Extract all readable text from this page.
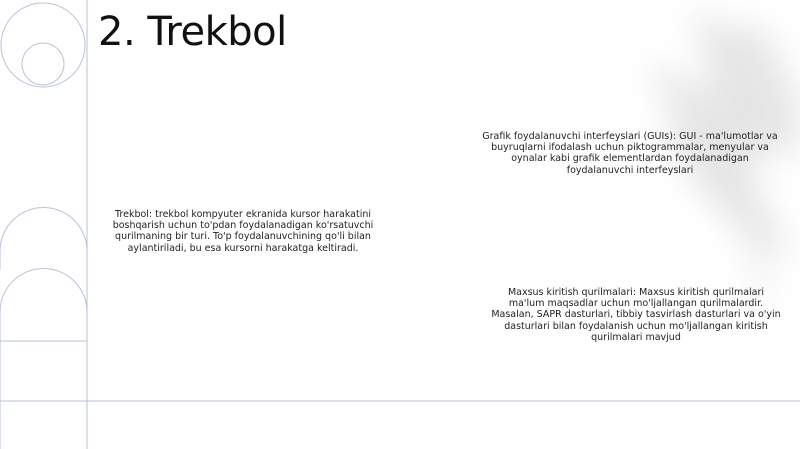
2. Trekbol

Trekbol: trekbol kompyuter ekranida kursor harakatini boshqarish uchun to'pdan foydalanadigan ko'rsatuvchi qurilmaning bir turi. To'p foydalanuvchining qo'li bilan aylantiriladi, bu esa kursorni harakatga keltiradi.

Grafik foydalanuvchi interfeyslari (GUIs): GUI - ma'lumotlar va buyruqlarni ifodalash uchun piktogrammalar, menyular va oynalar kabi grafik elementlardan foydalanadigan foydalanuvchi interfeyslari

Maxsus kiritish qurilmalari: Maxsus kiritish qurilmalari ma'lum maqsadlar uchun mo'ljallangan qurilmalardir. Masalan, SAPR dasturlari, tibbiy tasvirlash dasturlari va o'yin dasturlari bilan foydalanish uchun mo'ljallangan kiritish qurilmalari mavjud
